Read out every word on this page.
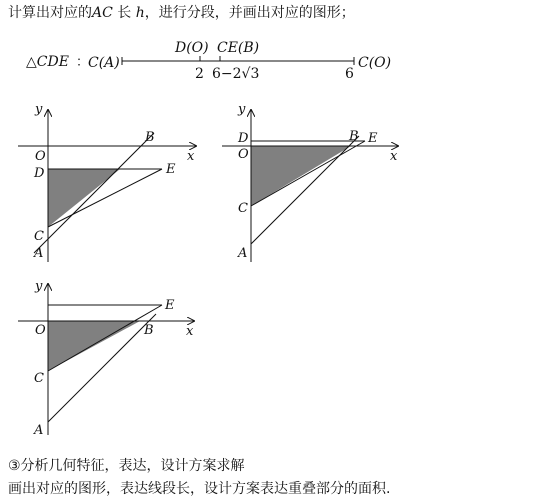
计算出对应的AC 长 h，进行分段，并画出对应的图形；
△CDE ：
C(A)
D(O) CE(B)
2 6−2√3	6
C(O)
y
O
D	E
B
x
C
A
y
D
O
B E
x
C
A
y
E
O	B x
C
A
③分析几何特征，表达，设计方案求解
画出对应的图形，表达线段长，设计方案表达重叠部分的面积.
